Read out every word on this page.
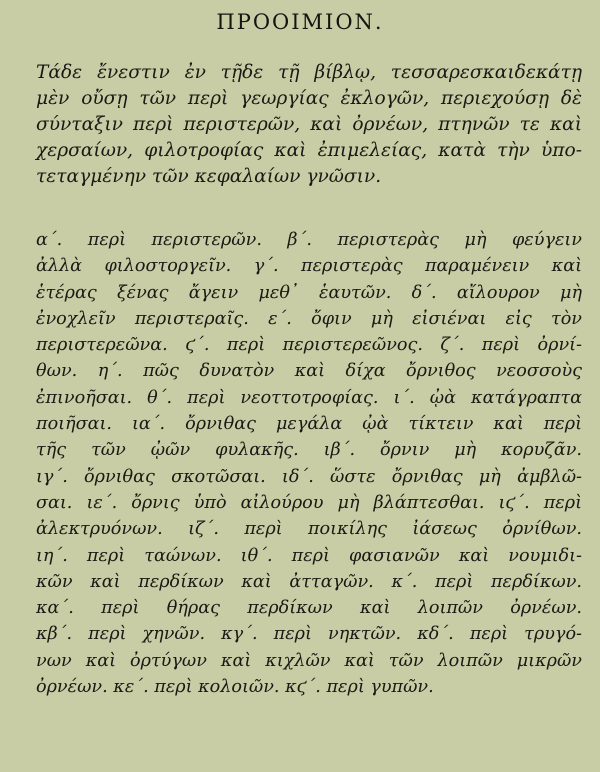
ΠΡΟΟΙΜΙΟΝ.
Τάδε ἔνεστιν ἐν τῇδε τῇ βίβλῳ, τεσσαρεσκαιδεκάτῃ
μὲν οὔσῃ τῶν περὶ γεωργίας ἐκλογῶν, περιεχούσῃ δὲ
σύνταξιν περὶ περιστερῶν, καὶ ὀρνέων, πτηνῶν τε καὶ
χερσαίων, φιλοτροφίας καὶ ἐπιμελείας, κατὰ τὴν ὑπο-
τεταγμένην τῶν κεφαλαίων γνῶσιν.
α΄. περὶ περιστερῶν. β΄. περιστερὰς μὴ φεύγειν
ἀλλὰ φιλοστοργεῖν. γ΄. περιστερὰς παραμένειν καὶ
ἑτέρας ξένας ἄγειν μεθ᾽ ἑαυτῶν. δ΄. αἴλουρον μὴ
ἐνοχλεῖν περιστεραῖς. ε΄. ὄφιν μὴ εἰσιέναι εἰς τὸν
περιστερεῶνα. ϛ΄. περὶ περιστερεῶνος. ζ΄. περὶ ὀρνί-
θων. η΄. πῶς δυνατὸν καὶ δίχα ὄρνιθος νεοσσοὺς
ἐπινοῆσαι. θ΄. περὶ νεοττοτροφίας. ι΄. ᾠὰ κατάγραπτα
ποιῆσαι. ια΄. ὄρνιθας μεγάλα ᾠὰ τίκτειν καὶ περὶ
τῆς τῶν ᾠῶν φυλακῆς. ιβ΄. ὄρνιν μὴ κορυζᾶν.
ιγ΄. ὄρνιθας σκοτῶσαι. ιδ΄. ὥστε ὄρνιθας μὴ ἀμβλῶ-
σαι. ιε΄. ὄρνις ὑπὸ αἰλούρου μὴ βλάπτεσθαι. ιϛ΄. περὶ
ἀλεκτρυόνων. ιζ΄. περὶ ποικίλης ἰάσεως ὀρνίθων.
ιη΄. περὶ ταώνων. ιθ΄. περὶ φασιανῶν καὶ νουμιδι-
κῶν καὶ περδίκων καὶ ἀτταγῶν. κ΄. περὶ περδίκων.
κα΄. περὶ θήρας περδίκων καὶ λοιπῶν ὀρνέων.
κβ΄. περὶ χηνῶν. κγ΄. περὶ νηκτῶν. κδ΄. περὶ τρυγό-
νων καὶ ὀρτύγων καὶ κιχλῶν καὶ τῶν λοιπῶν μικρῶν
ὀρνέων. κε΄. περὶ κολοιῶν. κϛ΄. περὶ γυπῶν.
